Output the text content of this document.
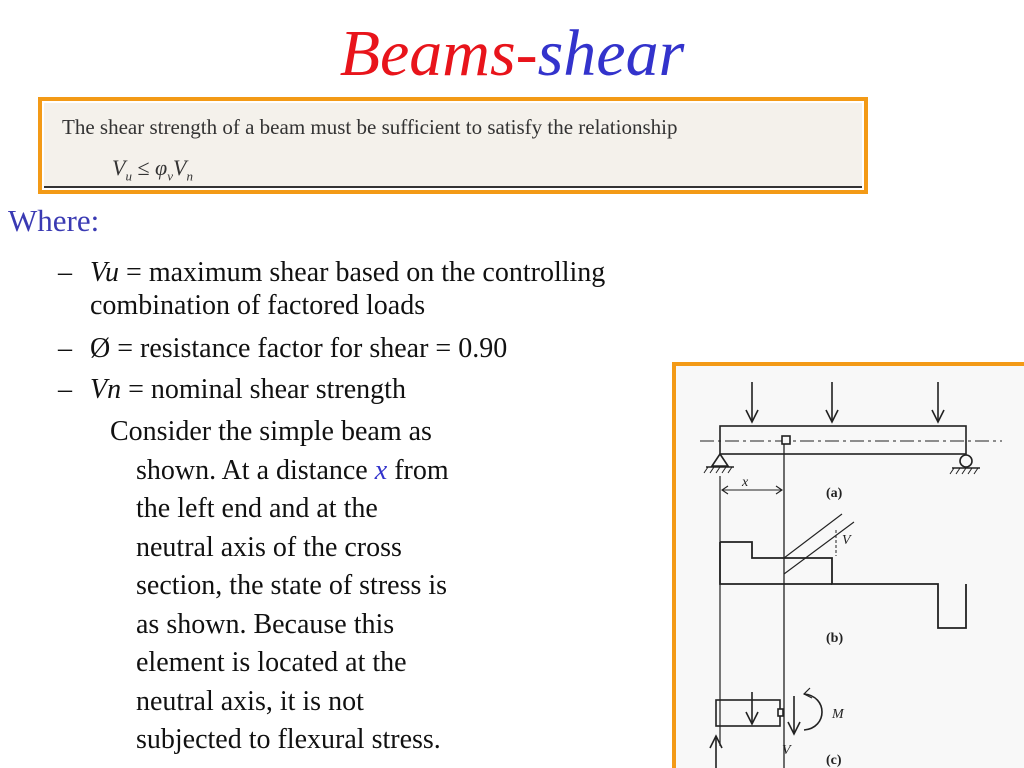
Beams-shear
The shear strength of a beam must be sufficient to satisfy the relationship
$V_u \le \varphi_vV_n$
Where:
– Vu = maximum shear based on the controlling
combination of factored loads
– Ø = resistance factor for shear = 0.90
– Vn = nominal shear strength
Consider the simple beam as
shown. At a distance x from
the left end and at the
neutral axis of the cross
section, the state of stress is
as shown. Because this
element is located at the
neutral axis, it is not
subjected to flexural stress.
x
(a)
V
(b)
M
V
(c)
